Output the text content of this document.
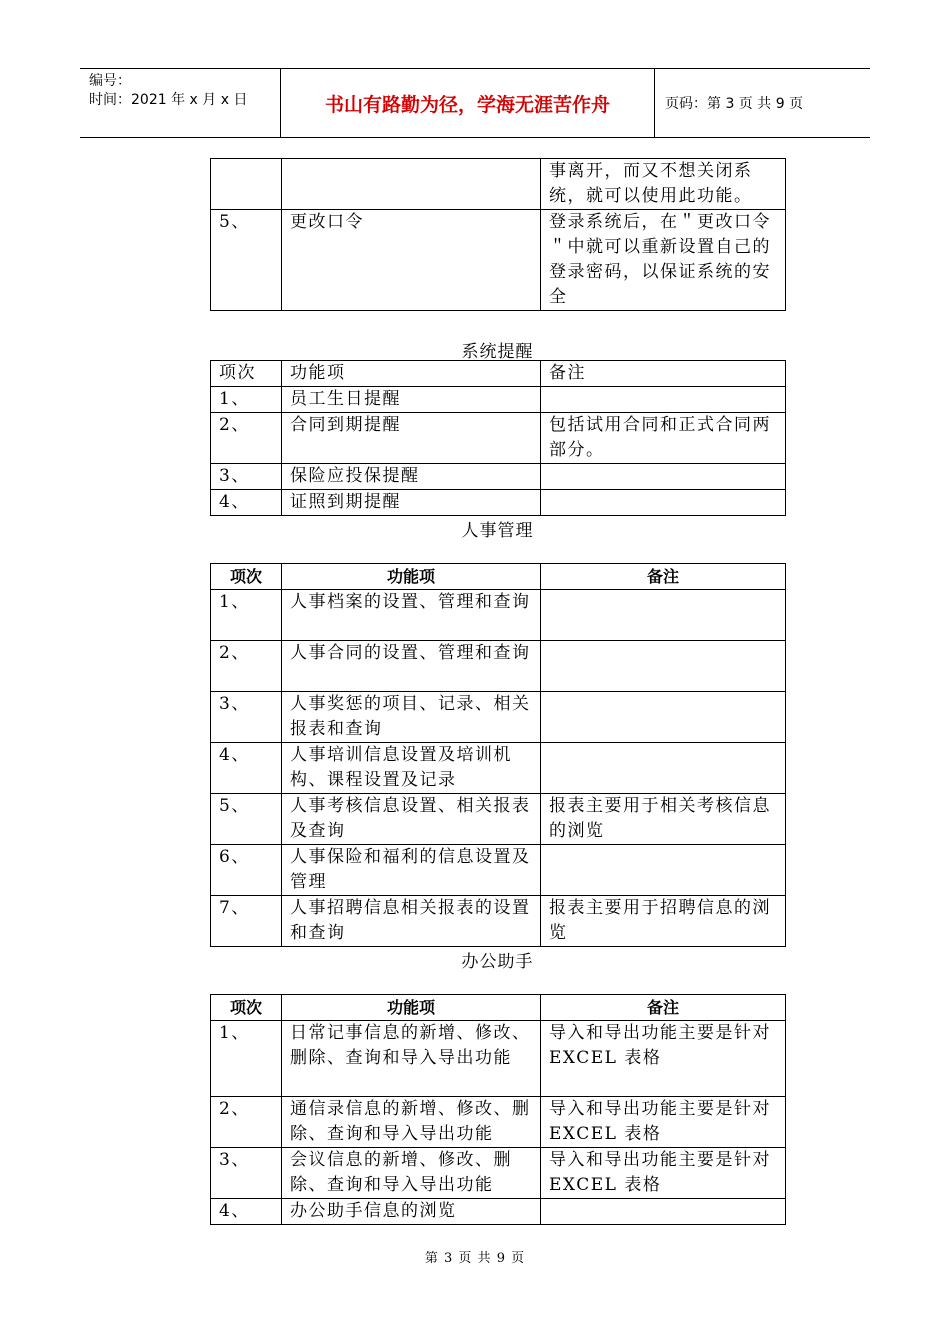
编号：
时间：2021 年 x 月 x 日	书山有路勤为径，学海无涯苦作舟	页码：第 3 页 共 9 页
		事离开，而又不想关闭系统，就可以使用此功能。
5、	更改口令	登录系统后，在＂更改口令＂中就可以重新设置自己的登录密码，以保证系统的安全
系统提醒
项次	功能项	备注
1、	员工生日提醒	
2、	合同到期提醒	包括试用合同和正式合同两部分。
3、	保险应投保提醒	
4、	证照到期提醒	
人事管理
项次	功能项	备注
1、	人事档案的设置、管理和查询	
2、	人事合同的设置、管理和查询	
3、	人事奖惩的项目、记录、相关报表和查询	
4、	人事培训信息设置及培训机构、课程设置及记录	
5、	人事考核信息设置、相关报表及查询	报表主要用于相关考核信息的浏览
6、	人事保险和福利的信息设置及管理	
7、	人事招聘信息相关报表的设置和查询	报表主要用于招聘信息的浏览
办公助手
项次	功能项	备注
1、	日常记事信息的新增、修改、删除、查询和导入导出功能	导入和导出功能主要是针对 EXCEL 表格
2、	通信录信息的新增、修改、删除、查询和导入导出功能	导入和导出功能主要是针对 EXCEL 表格
3、	会议信息的新增、修改、删除、查询和导入导出功能	导入和导出功能主要是针对 EXCEL 表格
4、	办公助手信息的浏览	
第 3 页 共 9 页
